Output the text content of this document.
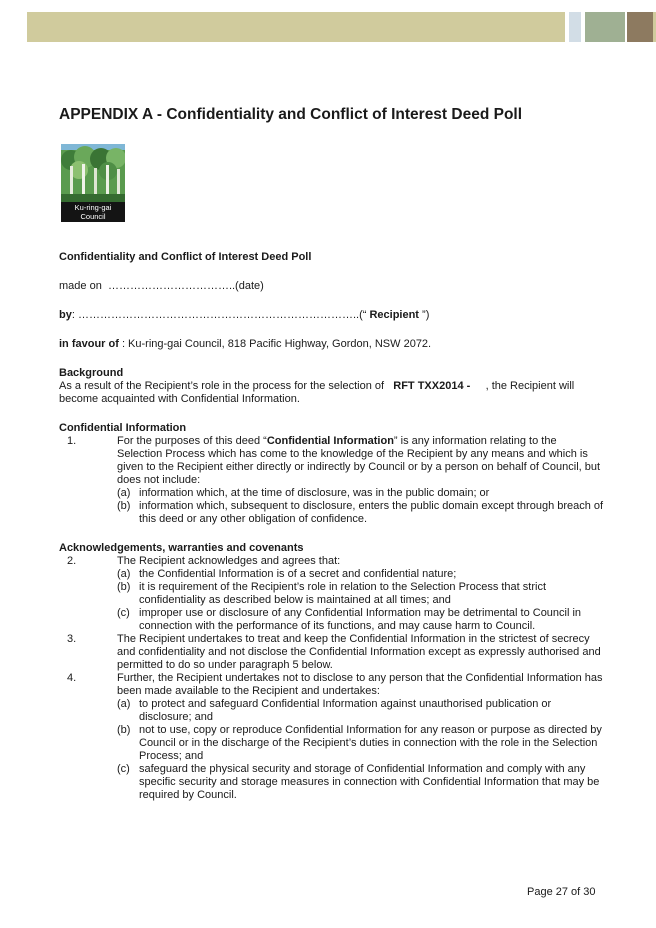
APPENDIX A - Confidentiality and Conflict of Interest Deed Poll
Ku-ring-gai
Council

Confidentiality and Conflict of Interest Deed Poll

made on ……………………………..(date)

by: …………………………………………………………………..(“ Recipient ”)

in favour of : Ku-ring-gai Council, 818 Pacific Highway, Gordon, NSW 2072.

Background

As a result of the Recipient’s role in the process for the selection of RFT TXX2014 - , the Recipient will become acquainted with Confidential Information.

Confidential Information

1.	For the purposes of this deed “Confidential Information” is any information relating to the Selection Process which has come to the knowledge of the Recipient by any means and which is given to the Recipient either directly or indirectly by Council or by a person on behalf of Council, but does not include:
(a) information which, at the time of disclosure, was in the public domain; or
(b) information which, subsequent to disclosure, enters the public domain except through breach of this deed or any other obligation of confidence.

Acknowledgements, warranties and covenants

2.	The Recipient acknowledges and agrees that:
(a) the Confidential Information is of a secret and confidential nature;
(b) it is requirement of the Recipient’s role in relation to the Selection Process that strict confidentiality as described below is maintained at all times; and
(c) improper use or disclosure of any Confidential Information may be detrimental to Council in connection with the performance of its functions, and may cause harm to Council.
3.	The Recipient undertakes to treat and keep the Confidential Information in the strictest of secrecy and confidentiality and not disclose the Confidential Information except as expressly authorised and permitted to do so under paragraph 5 below.
4.	Further, the Recipient undertakes not to disclose to any person that the Confidential Information has been made available to the Recipient and undertakes:
(a) to protect and safeguard Confidential Information against unauthorised publication or disclosure; and
(b) not to use, copy or reproduce Confidential Information for any reason or purpose as directed by Council or in the discharge of the Recipient’s duties in connection with the role in the Selection Process; and
(c) safeguard the physical security and storage of Confidential Information and comply with any specific security and storage measures in connection with Confidential Information that may be required by Council.
Page 27 of 30
